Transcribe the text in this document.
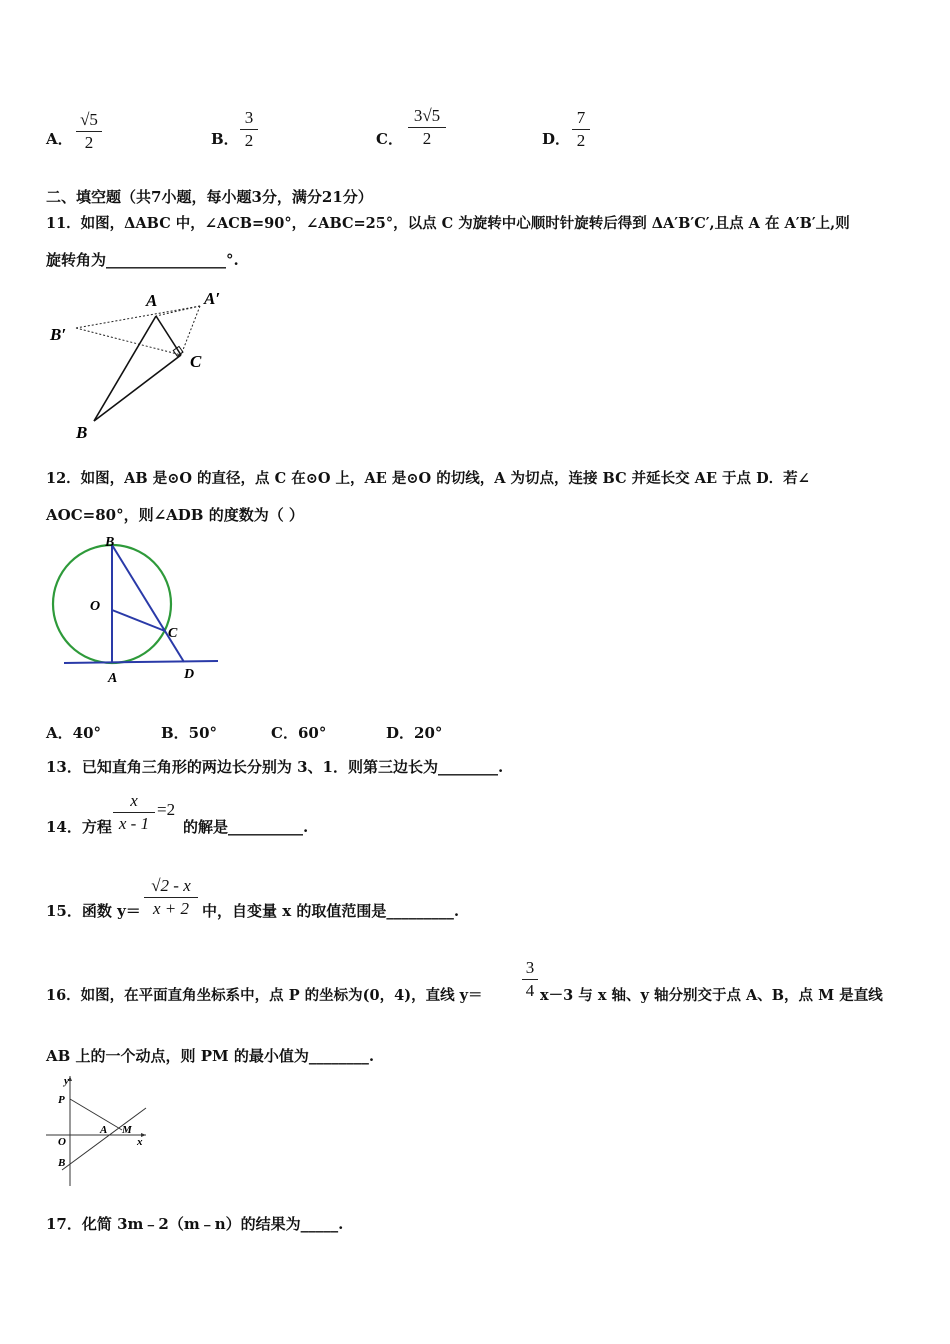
A．
√5
2	B．
3
2	C．
3√5
2	D．
7
2
二、填空题（共7小题，每小题3分，满分21分）
11．如图，ΔABC 中，∠ACB=90°，∠ABC=25°，以点 C 为旋转中心顺时针旋转后得到 ΔA′B′C′,且点 A 在 A′B′上,则
旋转角为________________°.
A	A′
B′
C
B
12．如图，AB 是⊙O 的直径，点 C 在⊙O 上，AE 是⊙O 的切线，A 为切点，连接 BC 并延长交 AE 于点 D．若∠
AOC=80°，则∠ADB 的度数为（ ）
B
O
C
A	D
A．40°	B．50°	C．60°	D．20°
13．已知直角三角形的两边长分别为 3、1．则第三边长为________.
14．方程
x
x - 1
=2
的解是__________.
15．函数 y＝
√2 - x
x + 2 中，自变量 x 的取值范围是_________.
16．如图，在平面直角坐标系中，点 P 的坐标为(0，4)，直线 y＝
3
4 x－3 与 x 轴、y 轴分别交于点 A、B，点 M 是直线
AB 上的一个动点，则 PM 的最小值为________.
y
P
A M
O	x
B
17．化简 3m﹣2（m﹣n）的结果为_____.
